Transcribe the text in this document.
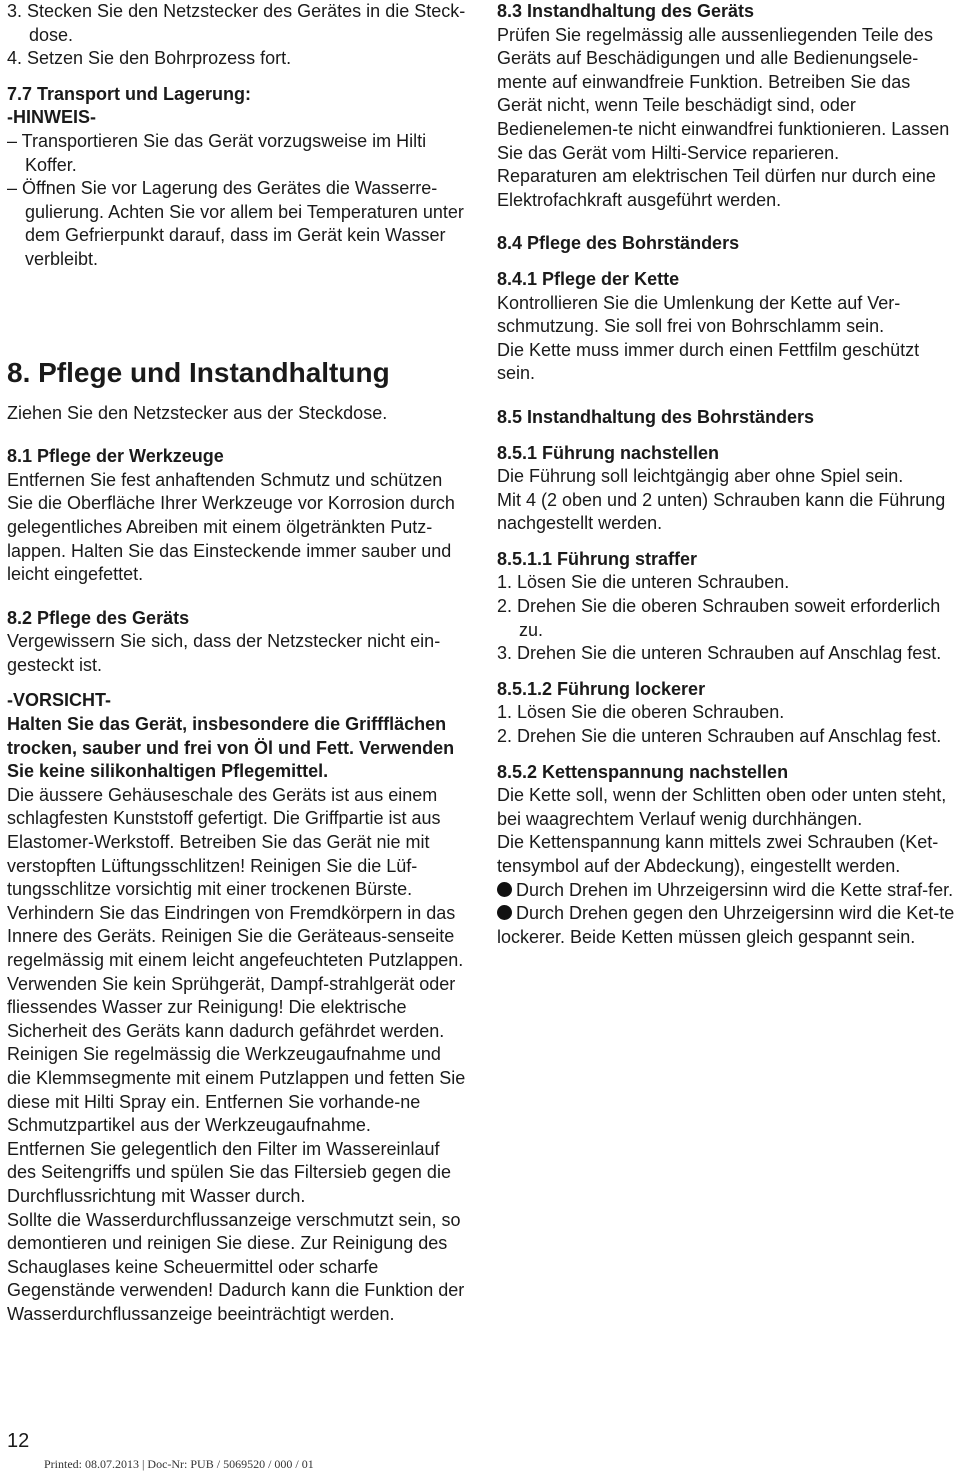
3. Stecken Sie den Netzstecker des Gerätes in die Steck- dose.

4. Setzen Sie den Bohrprozess fort.

7.7 Transport und Lagerung:

-HINWEIS-

– Transportieren Sie das Gerät vorzugsweise im Hilti Koffer.

– Öffnen Sie vor Lagerung des Gerätes die Wasserre-gulierung. Achten Sie vor allem bei Temperaturen unter dem Gefrierpunkt darauf, dass im Gerät kein Wasser verbleibt.

8. Pflege und Instandhaltung

Ziehen Sie den Netzstecker aus der Steckdose.

8.1 Pflege der Werkzeuge

Entfernen Sie fest anhaftenden Schmutz und schützen Sie die Oberfläche Ihrer Werkzeuge vor Korrosion durch gelegentliches Abreiben mit einem ölgetränkten Putz-lappen. Halten Sie das Einsteckende immer sauber und leicht eingefettet.

8.2 Pflege des Geräts

Vergewissern Sie sich, dass der Netzstecker nicht ein-gesteckt ist.

-VORSICHT-

Halten Sie das Gerät, insbesondere die Griffflächen trocken, sauber und frei von Öl und Fett. Verwenden Sie keine silikonhaltigen Pflegemittel.

Die äussere Gehäuseschale des Geräts ist aus einem schlagfesten Kunststoff gefertigt. Die Griffpartie ist aus Elastomer-Werkstoff. Betreiben Sie das Gerät nie mit verstopften Lüftungsschlitzen! Reinigen Sie die Lüf-tungsschlitze vorsichtig mit einer trockenen Bürste. Verhindern Sie das Eindringen von Fremdkörpern in das Innere des Geräts. Reinigen Sie die Geräteaus-senseite regelmässig mit einem leicht angefeuchteten Putzlappen. Verwenden Sie kein Sprühgerät, Dampf-strahlgerät oder fliessendes Wasser zur Reinigung! Die elektrische Sicherheit des Geräts kann dadurch gefährdet werden.

Reinigen Sie regelmässig die Werkzeugaufnahme und die Klemmsegmente mit einem Putzlappen und fetten Sie diese mit Hilti Spray ein. Entfernen Sie vorhande-ne Schmutzpartikel aus der Werkzeugaufnahme.

Entfernen Sie gelegentlich den Filter im Wassereinlauf des Seitengriffs und spülen Sie das Filtersieb gegen die Durchflussrichtung mit Wasser durch.

Sollte die Wasserdurchflussanzeige verschmutzt sein, so demontieren und reinigen Sie diese. Zur Reinigung des Schauglases keine Scheuermittel oder scharfe Gegenstände verwenden! Dadurch kann die Funktion der Wasserdurchflussanzeige beeinträchtigt werden.

8.3 Instandhaltung des Geräts

Prüfen Sie regelmässig alle aussenliegenden Teile des Geräts auf Beschädigungen und alle Bedienungsele-mente auf einwandfreie Funktion. Betreiben Sie das Gerät nicht, wenn Teile beschädigt sind, oder Bedienelemen-te nicht einwandfrei funktionieren. Lassen Sie das Gerät vom Hilti-Service reparieren.

Reparaturen am elektrischen Teil dürfen nur durch eine Elektrofachkraft ausgeführt werden.

8.4 Pflege des Bohrständers

8.4.1 Pflege der Kette

Kontrollieren Sie die Umlenkung der Kette auf Ver-schmutzung. Sie soll frei von Bohrschlamm sein.

Die Kette muss immer durch einen Fettfilm geschützt sein.

8.5 Instandhaltung des Bohrständers

8.5.1 Führung nachstellen

Die Führung soll leichtgängig aber ohne Spiel sein.

Mit 4 (2 oben und 2 unten) Schrauben kann die Führung nachgestellt werden.

8.5.1.1 Führung straffer

1. Lösen Sie die unteren Schrauben.

2. Drehen Sie die oberen Schrauben soweit erforderlich zu.

3. Drehen Sie die unteren Schrauben auf Anschlag fest.

8.5.1.2 Führung lockerer

1. Lösen Sie die oberen Schrauben.

2. Drehen Sie die unteren Schrauben auf Anschlag fest.

8.5.2 Kettenspannung nachstellen

Die Kette soll, wenn der Schlitten oben oder unten steht, bei waagrechtem Verlauf wenig durchhängen.

Die Kettenspannung kann mittels zwei Schrauben (Ket-tensymbol auf der Abdeckung), eingestellt werden.

Durch Drehen im Uhrzeigersinn wird die Kette straf-fer.

Durch Drehen gegen den Uhrzeigersinn wird die Ket-te lockerer. Beide Ketten müssen gleich gespannt sein.

12
Printed: 08.07.2013 | Doc-Nr: PUB / 5069520 / 000 / 01
